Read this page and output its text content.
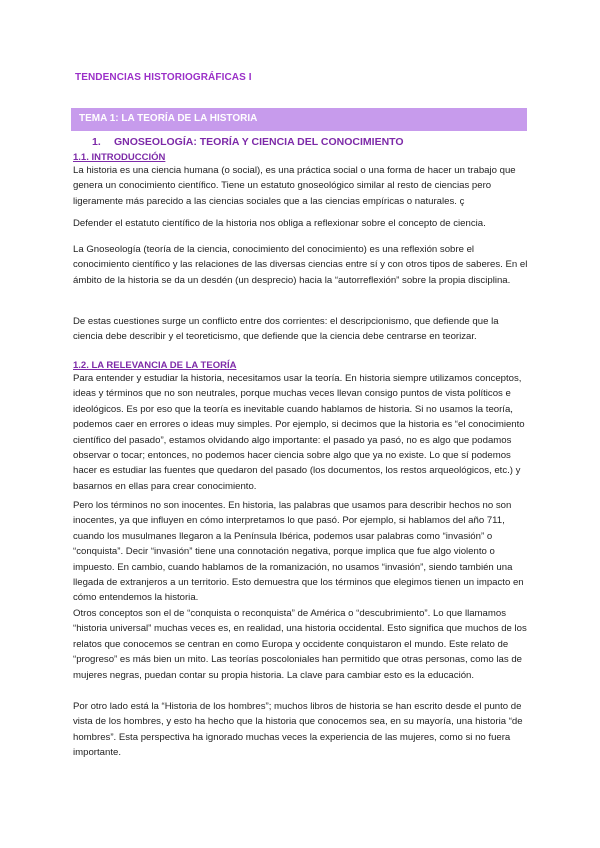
TENDENCIAS HISTORIOGRÁFICAS I
TEMA 1: LA TEORÍA DE LA HISTORIA
1. GNOSEOLOGÍA: TEORÍA Y CIENCIA DEL CONOCIMIENTO
1.1. INTRODUCCIÓN

La historia es una ciencia humana (o social), es una práctica social o una forma de hacer un trabajo que genera un conocimiento científico. Tiene un estatuto gnoseológico similar al resto de ciencias pero ligeramente más parecido a las ciencias sociales que a las ciencias empíricas o naturales. ç

Defender el estatuto científico de la historia nos obliga a reflexionar sobre el concepto de ciencia.

La Gnoseología (teoría de la ciencia, conocimiento del conocimiento) es una reflexión sobre el conocimiento científico y las relaciones de las diversas ciencias entre sí y con otros tipos de saberes. En el ámbito de la historia se da un desdén (un desprecio) hacia la “autorreflexión” sobre la propia disciplina.

De estas cuestiones surge un conflicto entre dos corrientes: el descripcionismo, que defiende que la ciencia debe describir y el teoreticismo, que defiende que la ciencia debe centrarse en teorizar.

1.2. LA RELEVANCIA DE LA TEORÍA

Para entender y estudiar la historia, necesitamos usar la teoría. En historia siempre utilizamos conceptos, ideas y términos que no son neutrales, porque muchas veces llevan consigo puntos de vista políticos e ideológicos. Es por eso que la teoría es inevitable cuando hablamos de historia. Si no usamos la teoría, podemos caer en errores o ideas muy simples. Por ejemplo, si decimos que la historia es “el conocimiento científico del pasado”, estamos olvidando algo importante: el pasado ya pasó, no es algo que podamos observar o tocar; entonces, no podemos hacer ciencia sobre algo que ya no existe. Lo que sí podemos hacer es estudiar las fuentes que quedaron del pasado (los documentos, los restos arqueológicos, etc.) y basarnos en ellas para crear conocimiento.

Pero los términos no son inocentes. En historia, las palabras que usamos para describir hechos no son inocentes, ya que influyen en cómo interpretamos lo que pasó. Por ejemplo, si hablamos del año 711, cuando los musulmanes llegaron a la Península Ibérica, podemos usar palabras como “invasión” o “conquista”. Decir “invasión” tiene una connotación negativa, porque implica que fue algo violento o impuesto. En cambio, cuando hablamos de la romanización, no usamos “invasión”, siendo también una llegada de extranjeros a un territorio. Esto demuestra que los términos que elegimos tienen un impacto en cómo entendemos la historia.

Otros conceptos son el de “conquista o reconquista” de América o “descubrimiento”. Lo que llamamos “historia universal” muchas veces es, en realidad, una historia occidental. Esto significa que muchos de los relatos que conocemos se centran en como Europa y occidente conquistaron el mundo. Este relato de “progreso” es más bien un mito. Las teorías poscoloniales han permitido que otras personas, como las de mujeres negras, puedan contar su propia historia. La clave para cambiar esto es la educación.

Por otro lado está la “Historia de los hombres”; muchos libros de historia se han escrito desde el punto de vista de los hombres, y esto ha hecho que la historia que conocemos sea, en su mayoría, una historia “de hombres”. Esta perspectiva ha ignorado muchas veces la experiencia de las mujeres, como si no fuera importante.
